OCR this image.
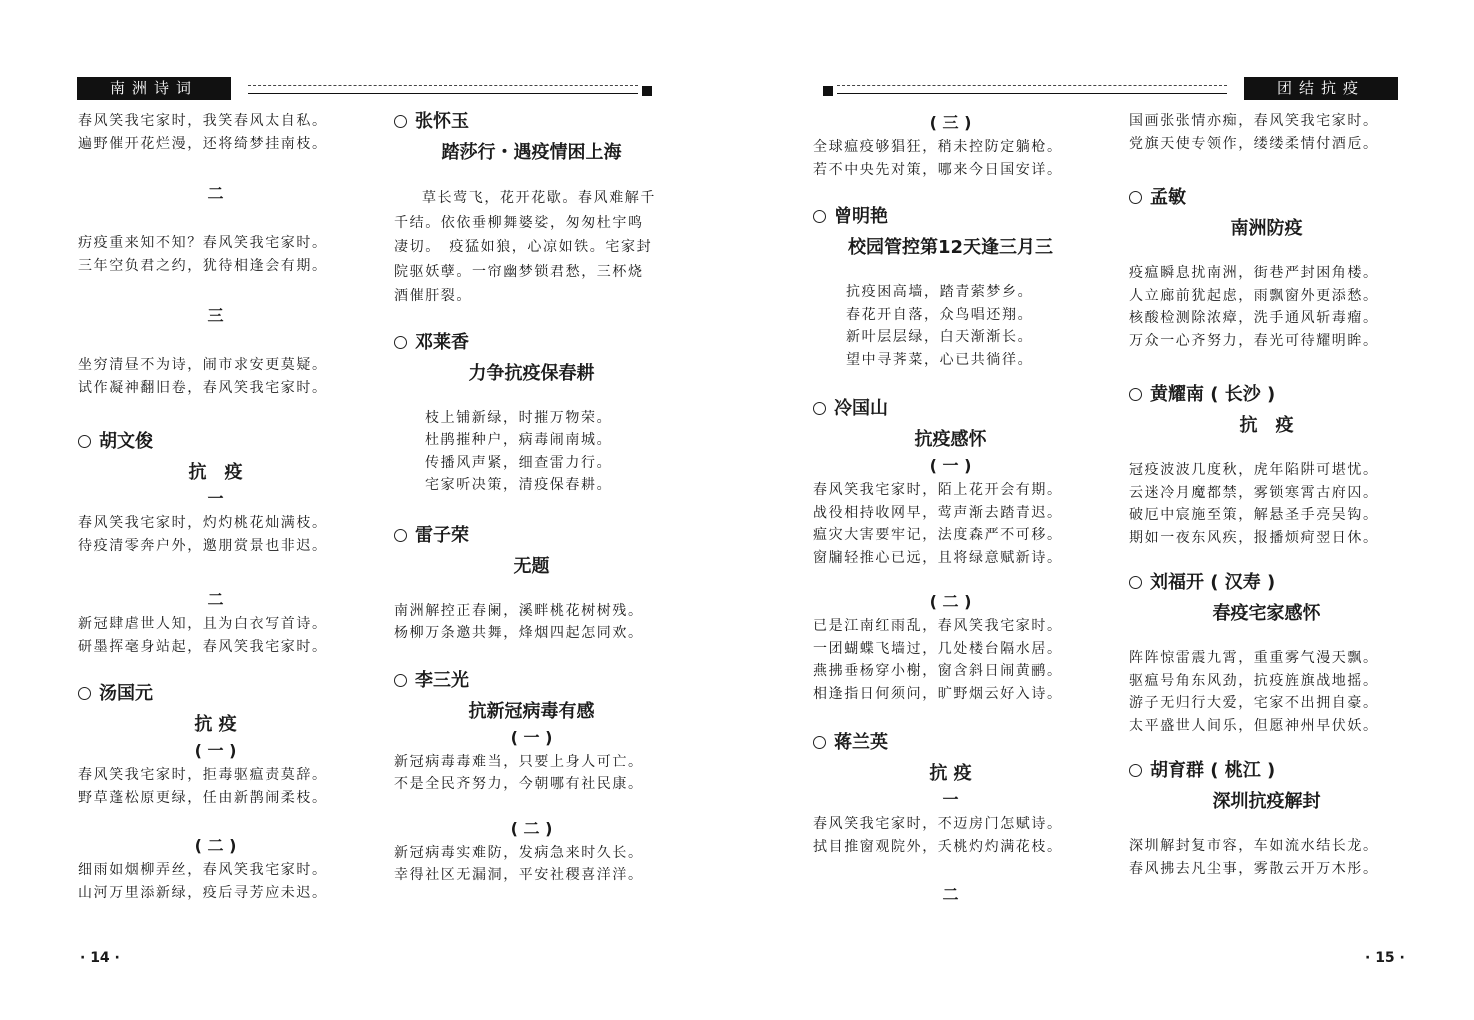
南洲诗词
春风笑我宅家时，我笑春风太自私。
遍野催开花烂漫，还将绮梦挂南枝。
二
疠疫重来知不知？春风笑我宅家时。
三年空负君之约，犹待相逢会有期。
三
坐穷清昼不为诗，闹市求安更莫疑。
试作凝神翻旧卷，春风笑我宅家时。
胡文俊
抗　疫
一
春风笑我宅家时，灼灼桃花灿满枝。
待疫清零奔户外，邀朋赏景也非迟。
二
新冠肆虐世人知，且为白衣写首诗。
研墨挥毫身站起，春风笑我宅家时。
汤国元
抗 疫
( 一 )
春风笑我宅家时，拒毒驱瘟责莫辞。
野草蓬松原更绿，任由新鹊闹柔枝。
( 二 )
细雨如烟柳弄丝，春风笑我宅家时。
山河万里添新绿，疫后寻芳应未迟。
张怀玉
踏莎行・遇疫情困上海
草长莺飞，花开花歇。春风难解千千结。依依垂柳舞婆娑，匆匆杜宇鸣凄切。　疫猛如狼，心凉如铁。宅家封院驱妖孽。一帘幽梦锁君愁，三杯烧酒催肝裂。
邓莱香
力争抗疫保春耕
枝上铺新绿，时摧万物荣。
杜鹃摧种户，病毒闹南城。
传播风声紧，细查雷力行。
宅家听决策，清疫保春耕。
雷子荣
无题
南洲解控正春阑，溪畔桃花树树残。
杨柳万条邀共舞，烽烟四起怎同欢。
李三光
抗新冠病毒有感
( 一 )
新冠病毒毒难当，只要上身人可亡。
不是全民齐努力，今朝哪有社民康。
( 二 )
新冠病毒实难防，发病急来时久长。
幸得社区无漏洞，平安社稷喜洋洋。
· 14 ·
团结抗疫
( 三 )
全球瘟疫够猖狂，稍未控防定躺枪。
若不中央先对策，哪来今日国安详。
曾明艳
校园管控第12天逢三月三
抗疫困高墙，踏青萦梦乡。
春花开自落，众鸟唱还翔。
新叶层层绿，白天渐渐长。
望中寻荠菜，心已共徜徉。
冷国山
抗疫感怀
( 一 )
春风笑我宅家时，陌上花开会有期。
战役相持收网早，莺声渐去踏青迟。
瘟灾大害要牢记，法度森严不可移。
窗牖轻推心已远，且将绿意赋新诗。
( 二 )
已是江南红雨乱，春风笑我宅家时。
一团蝴蝶飞墙过，几处楼台隔水居。
燕拂垂杨穿小榭，窗含斜日闹黄鹂。
相逢指日何须问，旷野烟云好入诗。
蒋兰英
抗 疫
一
春风笑我宅家时，不迈房门怎赋诗。
拭目推窗观院外，夭桃灼灼满花枝。
二
国画张张情亦痴，春风笑我宅家时。
党旗天使专领作，缕缕柔情付酒卮。
孟敏
南洲防疫
疫瘟瞬息扰南洲，街巷严封困角楼。
人立廊前犹起虑，雨飘窗外更添愁。
核酸检测除浓瘴，洗手通风斩毒瘤。
万众一心齐努力，春光可待耀明眸。
黄耀南 ( 长沙 )
抗　疫
冠疫波波几度秋，虎年陷阱可堪忧。
云迷冷月魔都禁，雾锁寒霄古府囚。
破厄中宸施至策，解悬圣手亮吴钩。
期如一夜东风疾，报播烦疴翌日休。
刘福开 ( 汉寿 )
春疫宅家感怀
阵阵惊雷震九霄，重重雾气漫天飘。
驱瘟号角东风劲，抗疫旌旗战地摇。
游子无归行大爱，宅家不出拥自豪。
太平盛世人间乐，但愿神州早伏妖。
胡育群 ( 桃江 )
深圳抗疫解封
深圳解封复市容，车如流水结长龙。
春风拂去凡尘事，雾散云开万木彤。
· 15 ·
